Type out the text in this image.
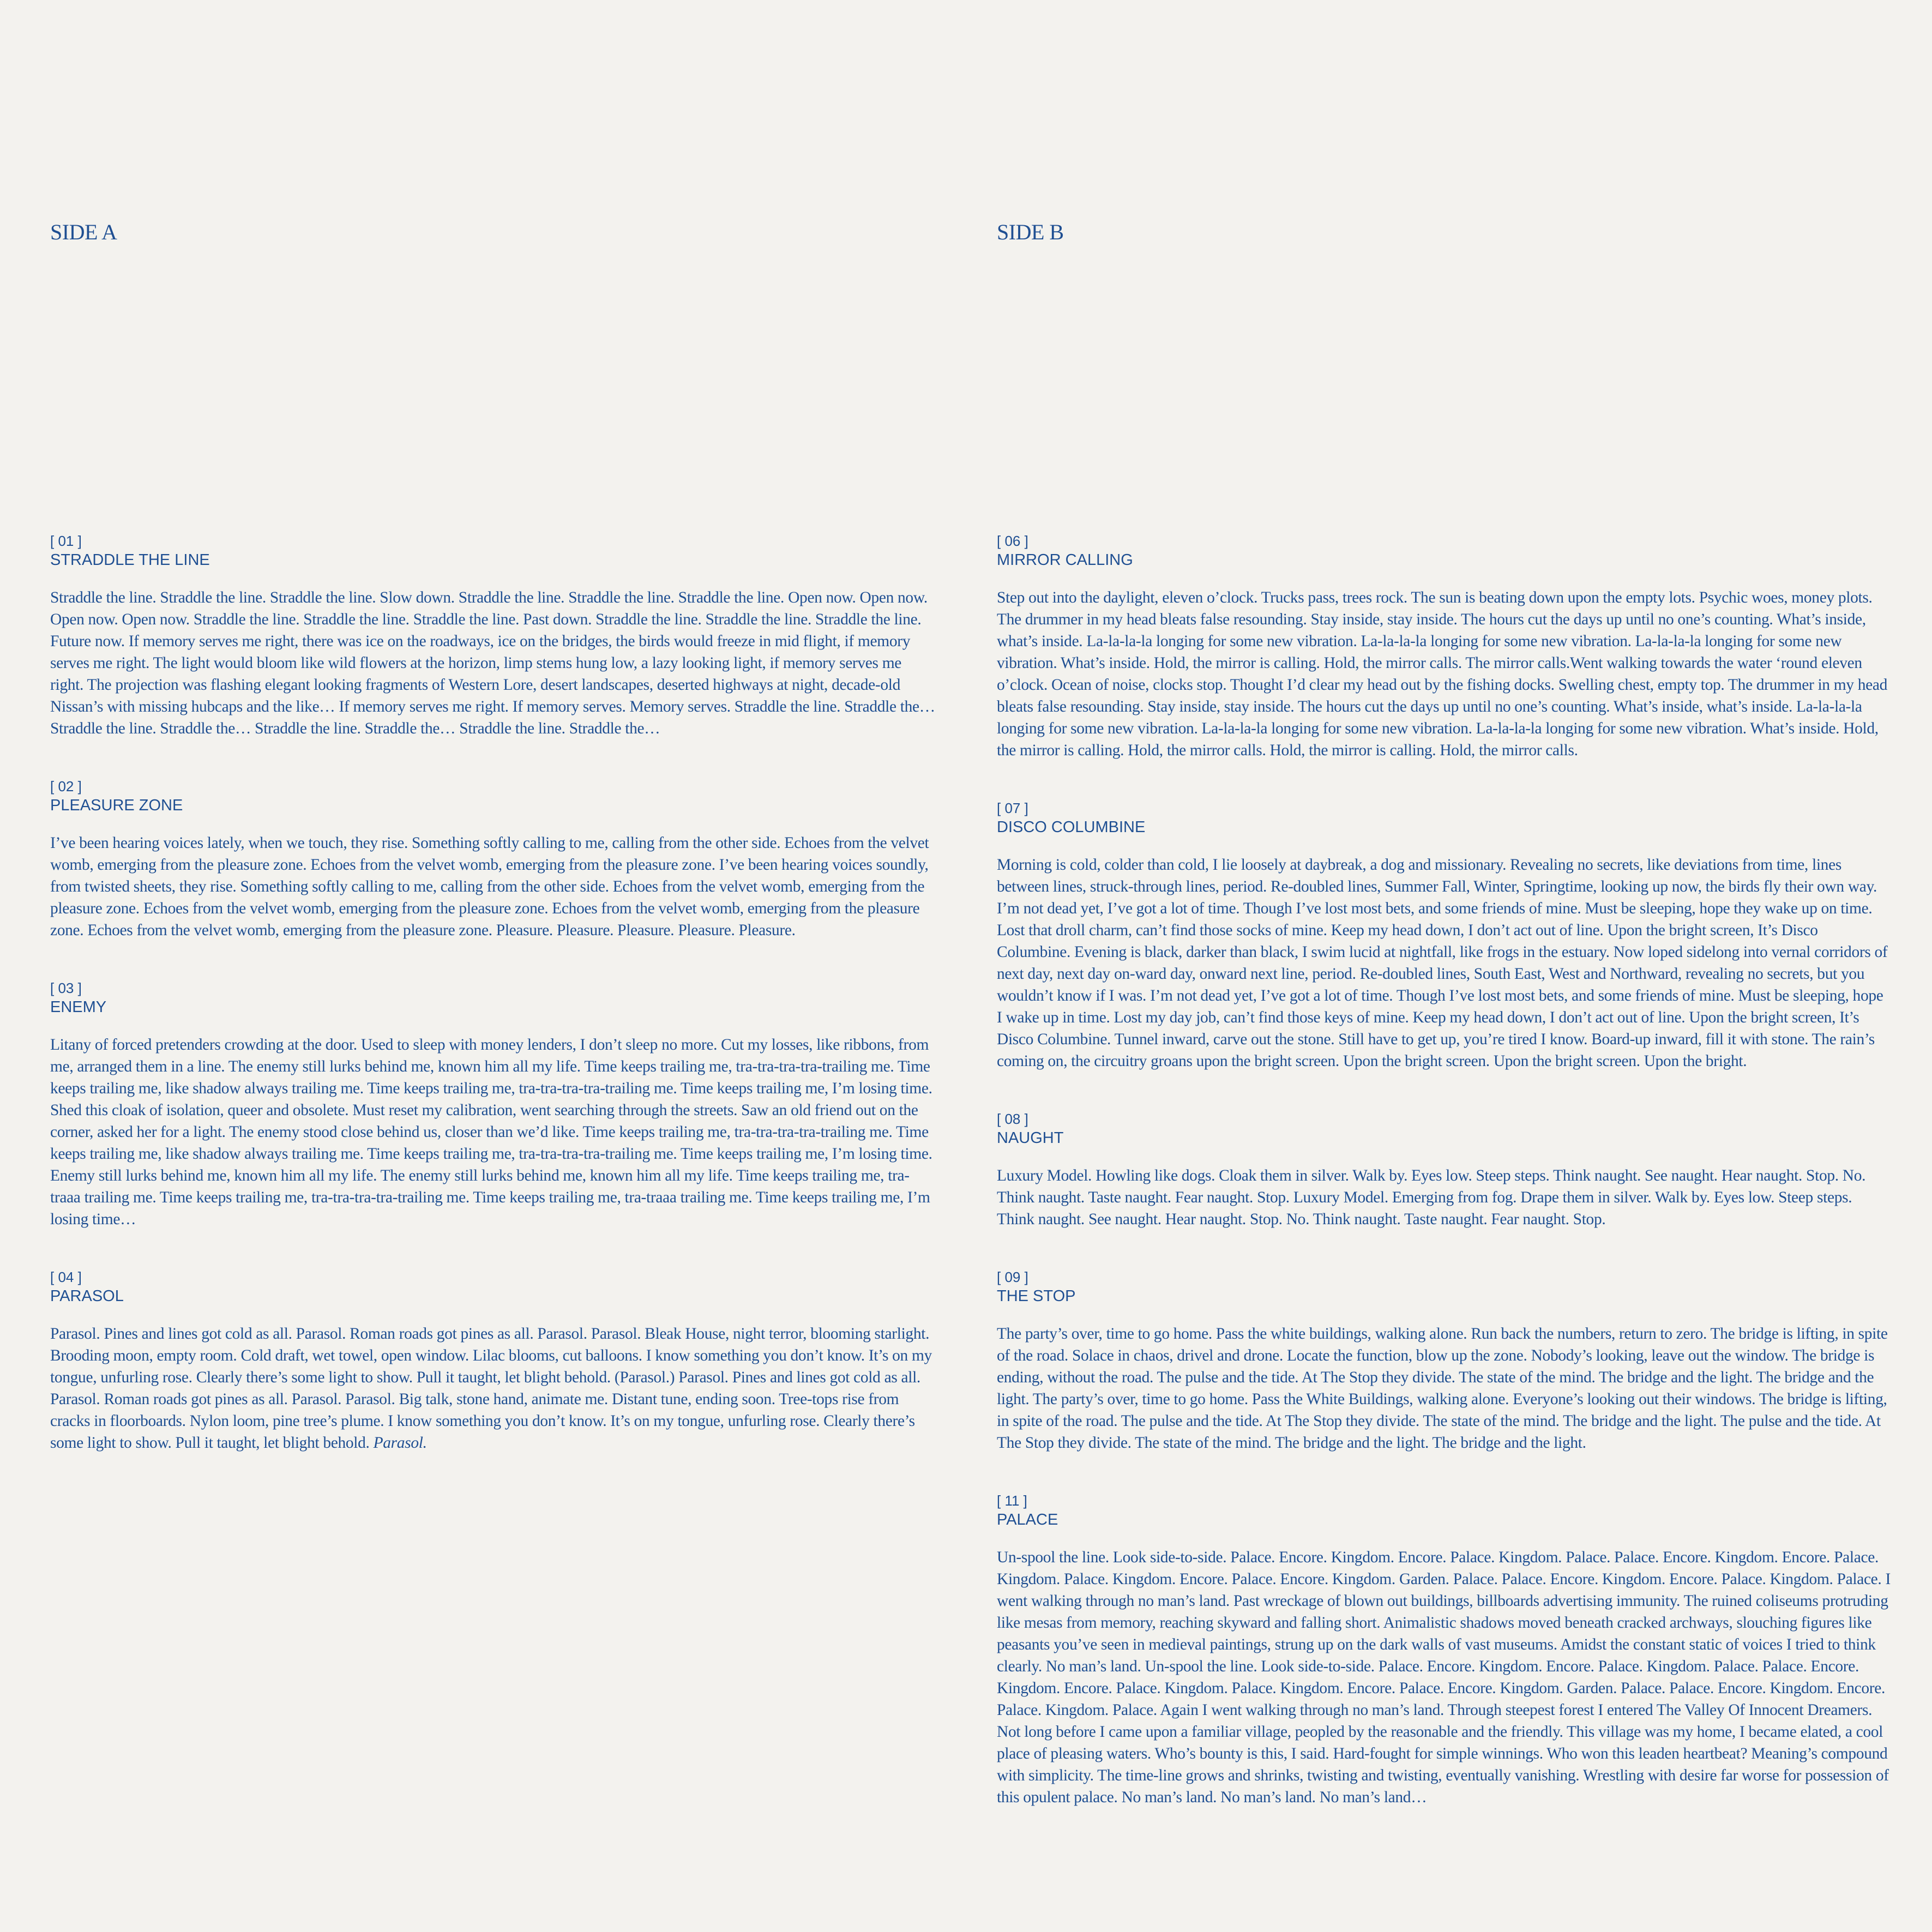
SIDE A
[ 01 ]
STRADDLE THE LINE

Straddle the line. Straddle the line. Straddle the line. Slow down. Straddle the line. Straddle the line. Straddle the line. Open now. Open now. Open now. Open now. Straddle the line. Straddle the line. Straddle the line. Past down. Straddle the line. Straddle the line. Straddle the line. Future now. If memory serves me right, there was ice on the roadways, ice on the bridges, the birds would freeze in mid flight, if memory serves me right. The light would bloom like wild flowers at the horizon, limp stems hung low, a lazy looking light, if memory serves me right. The projection was flashing elegant looking fragments of Western Lore, desert landscapes, deserted highways at night, decade-old Nissan’s with missing hubcaps and the like… If memory serves me right. If memory serves. Memory serves. Straddle the line. Straddle the… Straddle the line. Straddle the… Straddle the line. Straddle the… Straddle the line. Straddle the…

[ 02 ]
PLEASURE ZONE

I’ve been hearing voices lately, when we touch, they rise. Something softly calling to me, calling from the other side. Echoes from the velvet womb, emerging from the pleasure zone. Echoes from the velvet womb, emerging from the pleasure zone. I’ve been hearing voices soundly, from twisted sheets, they rise. Something softly calling to me, calling from the other side. Echoes from the velvet womb, emerging from the pleasure zone. Echoes from the velvet womb, emerging from the pleasure zone. Echoes from the velvet womb, emerging from the pleasure zone. Echoes from the velvet womb, emerging from the pleasure zone. Pleasure. Pleasure. Pleasure. Pleasure. Pleasure.

[ 03 ]
ENEMY

Litany of forced pretenders crowding at the door. Used to sleep with money lenders, I don’t sleep no more. Cut my losses, like ribbons, from me, arranged them in a line. The enemy still lurks behind me, known him all my life. Time keeps trailing me, tra-tra-tra-tra-trailing me. Time keeps trailing me, like shadow always trailing me. Time keeps trailing me, tra-tra-tra-tra-trailing me. Time keeps trailing me, I’m losing time. Shed this cloak of isolation, queer and obsolete. Must reset my calibration, went searching through the streets. Saw an old friend out on the corner, asked her for a light. The enemy stood close behind us, closer than we’d like. Time keeps trailing me, tra-tra-tra-tra-trailing me. Time keeps trailing me, like shadow always trailing me. Time keeps trailing me, tra-tra-tra-tra-trailing me. Time keeps trailing me, I’m losing time. Enemy still lurks behind me, known him all my life. The enemy still lurks behind me, known him all my life. Time keeps trailing me, tra-traaa trailing me. Time keeps trailing me, tra-tra-tra-tra-trailing me. Time keeps trailing me, tra-traaa trailing me. Time keeps trailing me, I’m losing time…

[ 04 ]
PARASOL

Parasol. Pines and lines got cold as all. Parasol. Roman roads got pines as all. Parasol. Parasol. Bleak House, night terror, blooming starlight. Brooding moon, empty room. Cold draft, wet towel, open window. Lilac blooms, cut balloons. I know something you don’t know. It’s on my tongue, unfurling rose. Clearly there’s some light to show. Pull it taught, let blight behold. (Parasol.) Parasol. Pines and lines got cold as all. Parasol. Roman roads got pines as all. Parasol. Parasol. Big talk, stone hand, animate me. Distant tune, ending soon. Tree-tops rise from cracks in floorboards. Nylon loom, pine tree’s plume. I know something you don’t know. It’s on my tongue, unfurling rose. Clearly there’s some light to show. Pull it taught, let blight behold. Parasol.

SIDE B
[ 06 ]
MIRROR CALLING

Step out into the daylight, eleven o’clock. Trucks pass, trees rock. The sun is beating down upon the empty lots. Psychic woes, money plots. The drummer in my head bleats false resounding. Stay inside, stay inside. The hours cut the days up until no one’s counting. What’s inside, what’s inside. La-la-la-la longing for some new vibration. La-la-la-la longing for some new vibration. La-la-la-la longing for some new vibration. What’s inside. Hold, the mirror is calling. Hold, the mirror calls. The mirror calls.Went walking towards the water ‘round eleven o’clock. Ocean of noise, clocks stop. Thought I’d clear my head out by the fishing docks. Swelling chest, empty top. The drummer in my head bleats false resounding. Stay inside, stay inside. The hours cut the days up until no one’s counting. What’s inside, what’s inside. La-la-la-la longing for some new vibration. La-la-la-la longing for some new vibration. La-la-la-la longing for some new vibration. What’s inside. Hold, the mirror is calling. Hold, the mirror calls. Hold, the mirror is calling. Hold, the mirror calls.

[ 07 ]
DISCO COLUMBINE

Morning is cold, colder than cold, I lie loosely at daybreak, a dog and missionary. Revealing no secrets, like deviations from time, lines between lines, struck-through lines, period. Re-doubled lines, Summer Fall, Winter, Springtime, looking up now, the birds fly their own way. I’m not dead yet, I’ve got a lot of time. Though I’ve lost most bets, and some friends of mine. Must be sleeping, hope they wake up on time. Lost that droll charm, can’t find those socks of mine. Keep my head down, I don’t act out of line. Upon the bright screen, It’s Disco Columbine. Evening is black, darker than black, I swim lucid at nightfall, like frogs in the estuary. Now loped sidelong into vernal corridors of next day, next day on-ward day, onward next line, period. Re-doubled lines, South East, West and Northward, revealing no secrets, but you wouldn’t know if I was. I’m not dead yet, I’ve got a lot of time. Though I’ve lost most bets, and some friends of mine. Must be sleeping, hope I wake up in time. Lost my day job, can’t find those keys of mine. Keep my head down, I don’t act out of line. Upon the bright screen, It’s Disco Columbine. Tunnel inward, carve out the stone. Still have to get up, you’re tired I know. Board-up inward, fill it with stone. The rain’s coming on, the circuitry groans upon the bright screen. Upon the bright screen. Upon the bright screen. Upon the bright.

[ 08 ]
NAUGHT

Luxury Model. Howling like dogs. Cloak them in silver. Walk by. Eyes low. Steep steps. Think naught. See naught. Hear naught. Stop. No. Think naught. Taste naught. Fear naught. Stop. Luxury Model. Emerging from fog. Drape them in silver. Walk by. Eyes low. Steep steps. Think naught. See naught. Hear naught. Stop. No. Think naught. Taste naught. Fear naught. Stop.

[ 09 ]
THE STOP

The party’s over, time to go home. Pass the white buildings, walking alone. Run back the numbers, return to zero. The bridge is lifting, in spite of the road. Solace in chaos, drivel and drone. Locate the function, blow up the zone. Nobody’s looking, leave out the window. The bridge is ending, without the road. The pulse and the tide. At The Stop they divide. The state of the mind. The bridge and the light. The bridge and the light. The party’s over, time to go home. Pass the White Buildings, walking alone. Everyone’s looking out their windows. The bridge is lifting, in spite of the road. The pulse and the tide. At The Stop they divide. The state of the mind. The bridge and the light. The pulse and the tide. At The Stop they divide. The state of the mind. The bridge and the light. The bridge and the light.

[ 11 ]
PALACE

Un-spool the line. Look side-to-side. Palace. Encore. Kingdom. Encore. Palace. Kingdom. Palace. Palace. Encore. Kingdom. Encore. Palace. Kingdom. Palace. Kingdom. Encore. Palace. Encore. Kingdom. Garden. Palace. Palace. Encore. Kingdom. Encore. Palace. Kingdom. Palace. I went walking through no man’s land. Past wreckage of blown out buildings, billboards advertising immunity. The ruined coliseums protruding like mesas from memory, reaching skyward and falling short. Animalistic shadows moved beneath cracked archways, slouching figures like peasants you’ve seen in medieval paintings, strung up on the dark walls of vast museums. Amidst the constant static of voices I tried to think clearly. No man’s land. Un-spool the line. Look side-to-side. Palace. Encore. Kingdom. Encore. Palace. Kingdom. Palace. Palace. Encore. Kingdom. Encore. Palace. Kingdom. Palace. Kingdom. Encore. Palace. Encore. Kingdom. Garden. Palace. Palace. Encore. Kingdom. Encore. Palace. Kingdom. Palace. Again I went walking through no man’s land. Through steepest forest I entered The Valley Of Innocent Dreamers. Not long before I came upon a familiar village, peopled by the reasonable and the friendly. This village was my home, I became elated, a cool place of pleasing waters. Who’s bounty is this, I said. Hard-fought for simple winnings. Who won this leaden heartbeat? Meaning’s compound with simplicity. The time-line grows and shrinks, twisting and twisting, eventually vanishing. Wrestling with desire far worse for possession of this opulent palace. No man’s land. No man’s land. No man’s land…
